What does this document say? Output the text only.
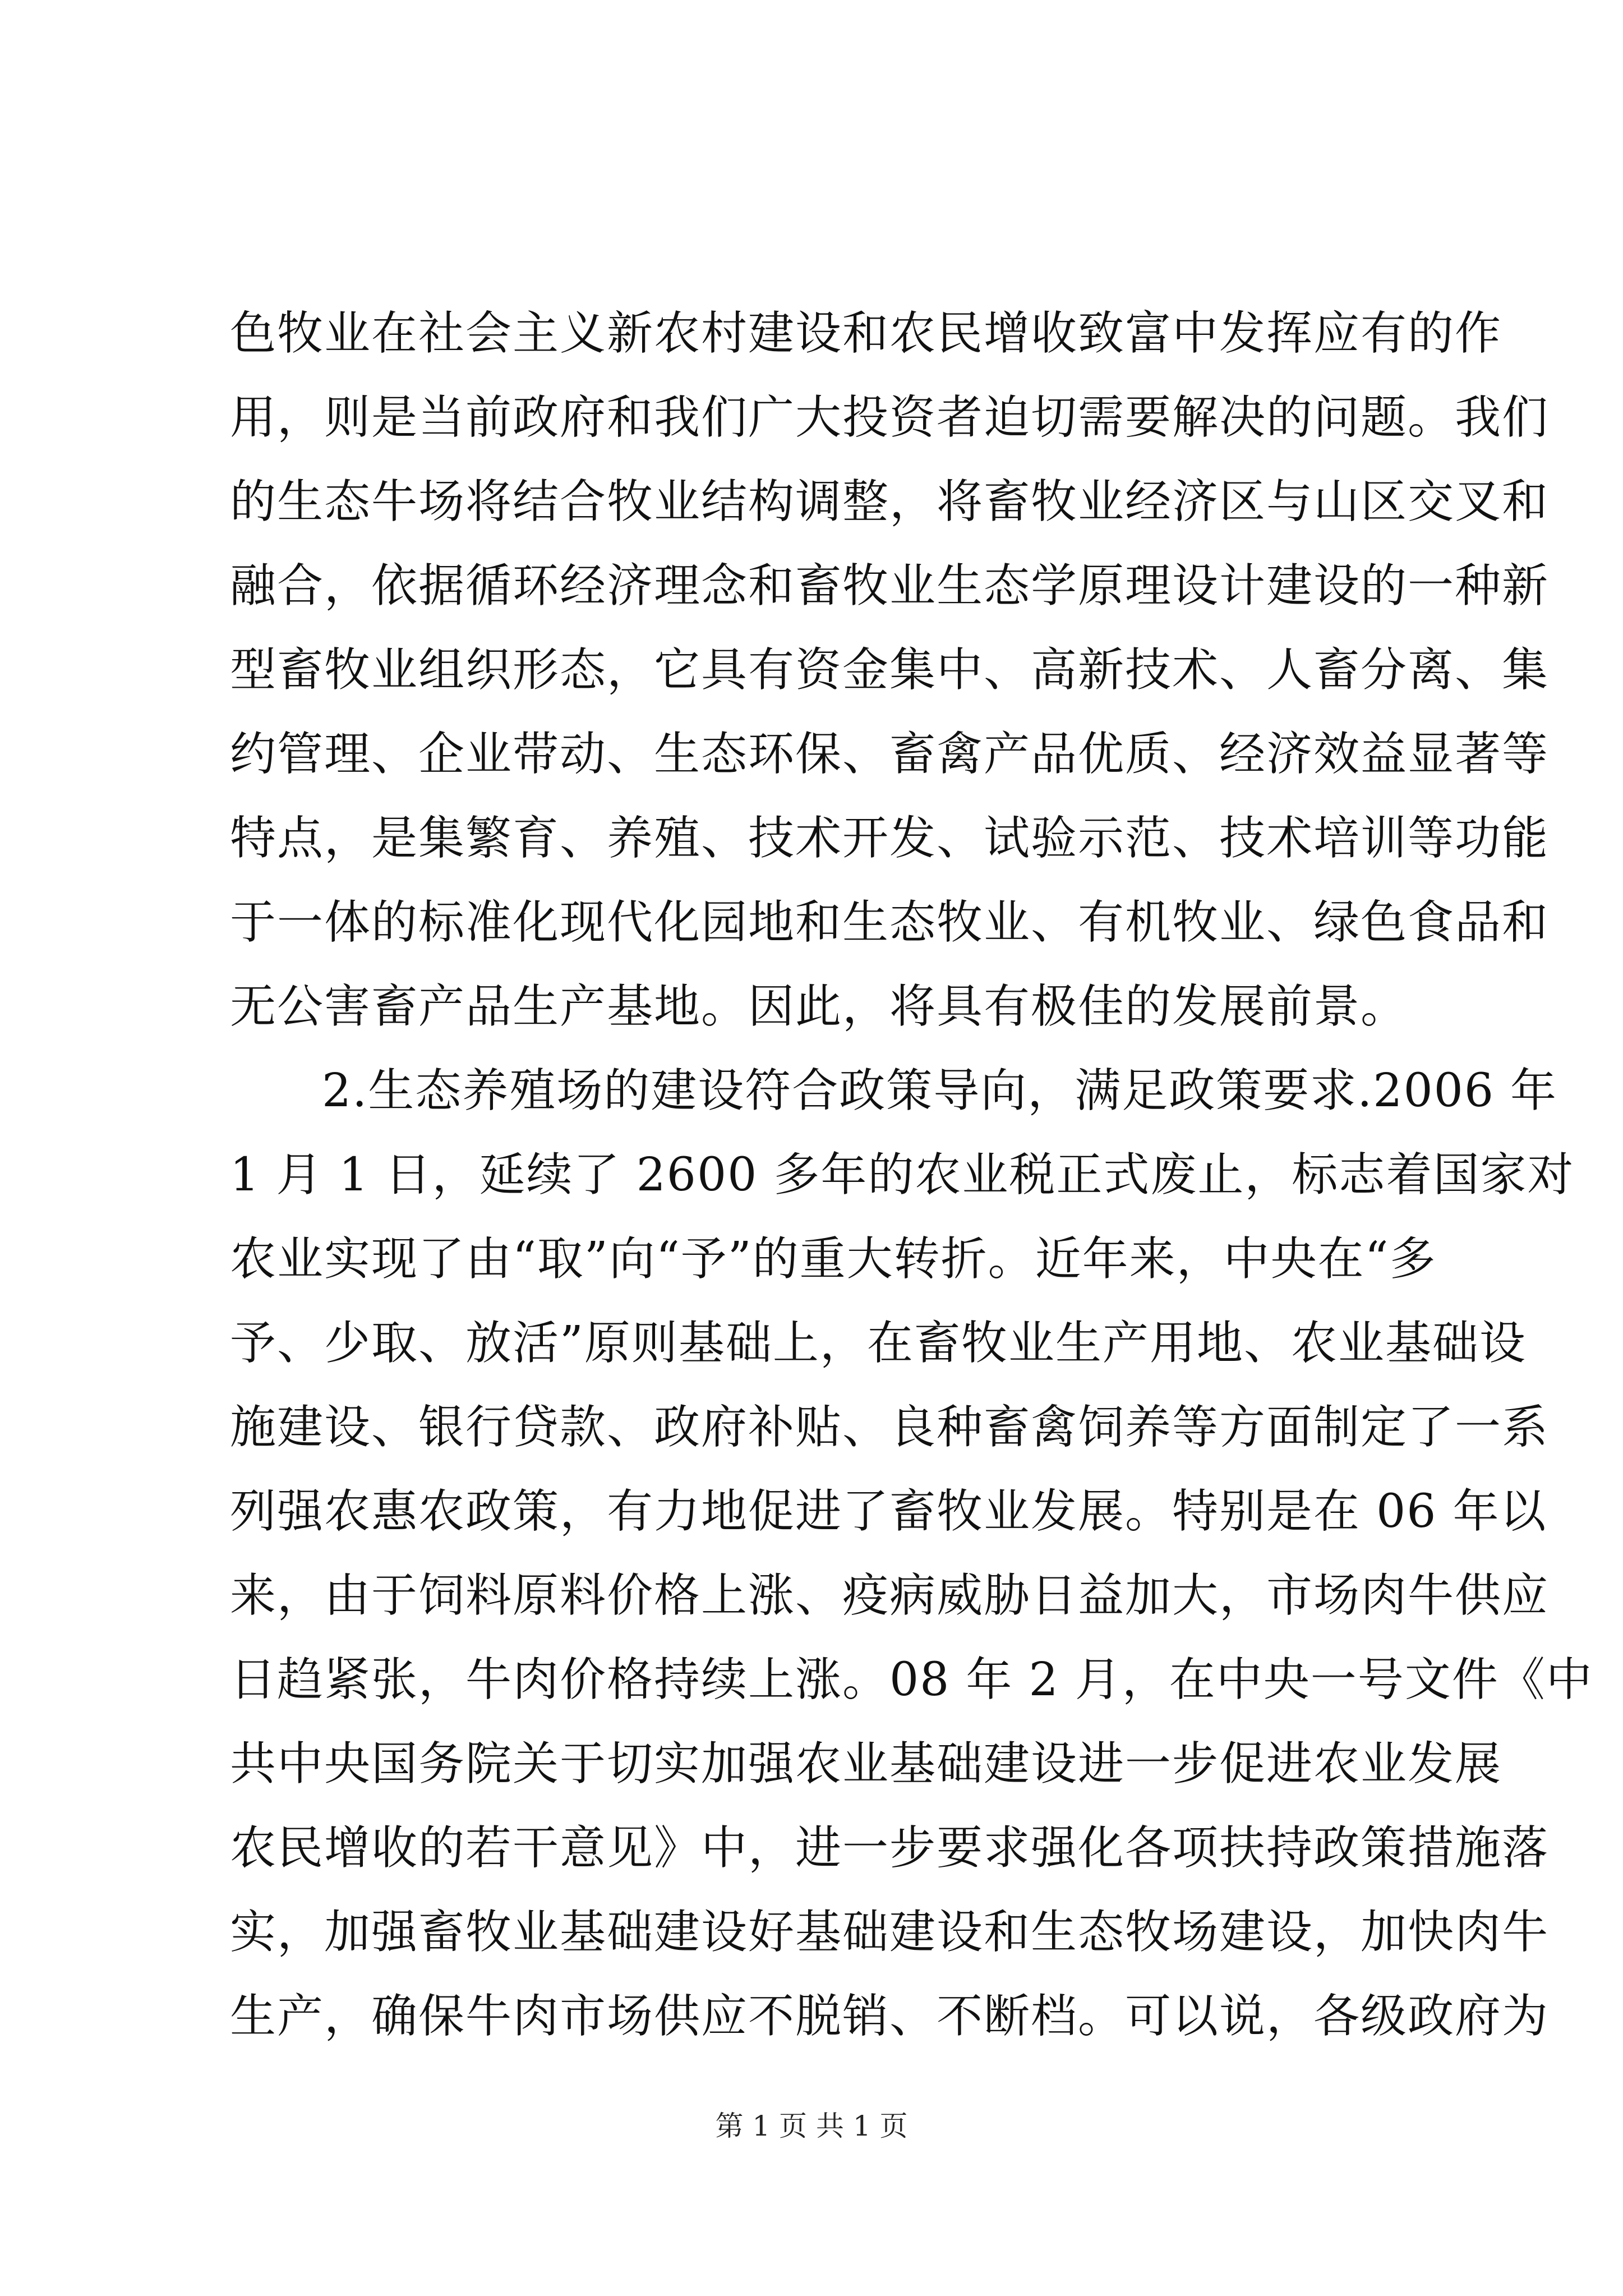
色牧业在社会主义新农村建设和农民增收致富中发挥应有的作
用，则是当前政府和我们广大投资者迫切需要解决的问题。我们
的生态牛场将结合牧业结构调整，将畜牧业经济区与山区交叉和
融合，依据循环经济理念和畜牧业生态学原理设计建设的一种新
型畜牧业组织形态，它具有资金集中、高新技术、人畜分离、集
约管理、企业带动、生态环保、畜禽产品优质、经济效益显著等
特点，是集繁育、养殖、技术开发、试验示范、技术培训等功能
于一体的标准化现代化园地和生态牧业、有机牧业、绿色食品和
无公害畜产品生产基地。因此，将具有极佳的发展前景。
2.生态养殖场的建设符合政策导向，满足政策要求.2006 年
1 月 1 日，延续了 2600 多年的农业税正式废止，标志着国家对
农业实现了由“取”向“予”的重大转折。近年来，中央在“多
予、少取、放活”原则基础上，在畜牧业生产用地、农业基础设
施建设、银行贷款、政府补贴、良种畜禽饲养等方面制定了一系
列强农惠农政策，有力地促进了畜牧业发展。特别是在 06 年以
来，由于饲料原料价格上涨、疫病威胁日益加大，市场肉牛供应
日趋紧张，牛肉价格持续上涨。08 年 2 月，在中央一号文件《中
共中央国务院关于切实加强农业基础建设进一步促进农业发展
农民增收的若干意见》中，进一步要求强化各项扶持政策措施落
实，加强畜牧业基础建设好基础建设和生态牧场建设，加快肉牛
生产，确保牛肉市场供应不脱销、不断档。可以说，各级政府为
第 1 页 共 1 页
